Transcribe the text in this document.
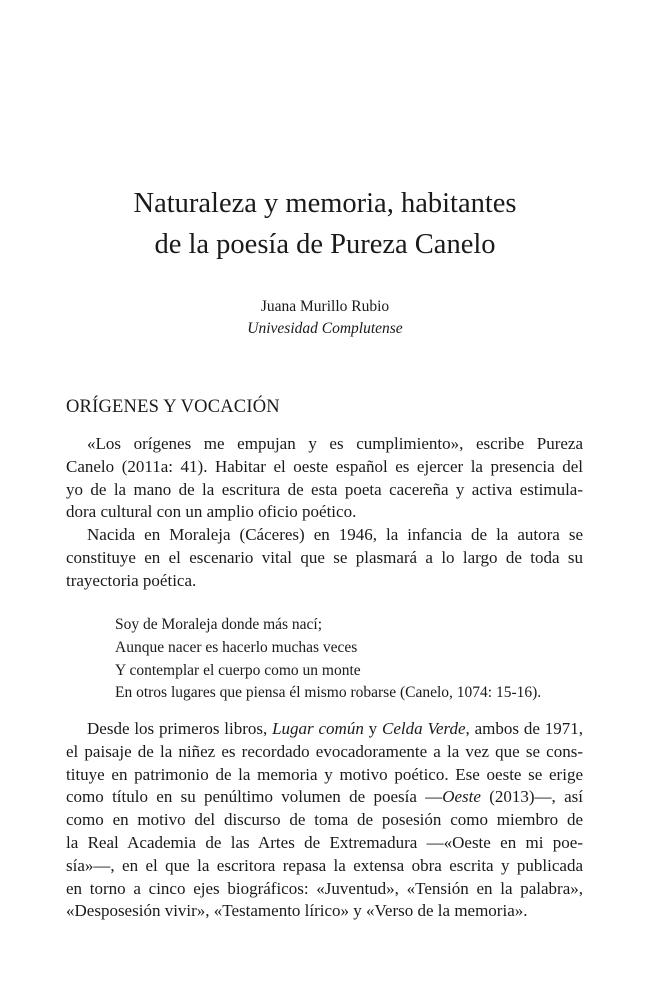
Naturaleza y memoria, habitantes
de la poesía de Pureza Canelo
Juana Murillo Rubio
Univesidad Complutense
ORÍGENES Y VOCACIÓN
«Los orígenes me empujan y es cumplimiento», escribe Pureza
Canelo (2011a: 41). Habitar el oeste español es ejercer la presencia del
yo de la mano de la escritura de esta poeta cacereña y activa estimula-
dora cultural con un amplio oficio poético.
Nacida en Moraleja (Cáceres) en 1946, la infancia de la autora se
constituye en el escenario vital que se plasmará a lo largo de toda su
trayectoria poética.
Soy de Moraleja donde más nací;
Aunque nacer es hacerlo muchas veces
Y contemplar el cuerpo como un monte
En otros lugares que piensa él mismo robarse (Canelo, 1074: 15-16).
Desde los primeros libros, Lugar común y Celda Verde, ambos de 1971,
el paisaje de la niñez es recordado evocadoramente a la vez que se cons-
tituye en patrimonio de la memoria y motivo poético. Ese oeste se erige
como título en su penúltimo volumen de poesía —Oeste (2013)—, así
como en motivo del discurso de toma de posesión como miembro de
la Real Academia de las Artes de Extremadura —«Oeste en mi poe-
sía»—, en el que la escritora repasa la extensa obra escrita y publicada
en torno a cinco ejes biográficos: «Juventud», «Tensión en la palabra»,
«Desposesión vivir», «Testamento lírico» y «Verso de la memoria».
